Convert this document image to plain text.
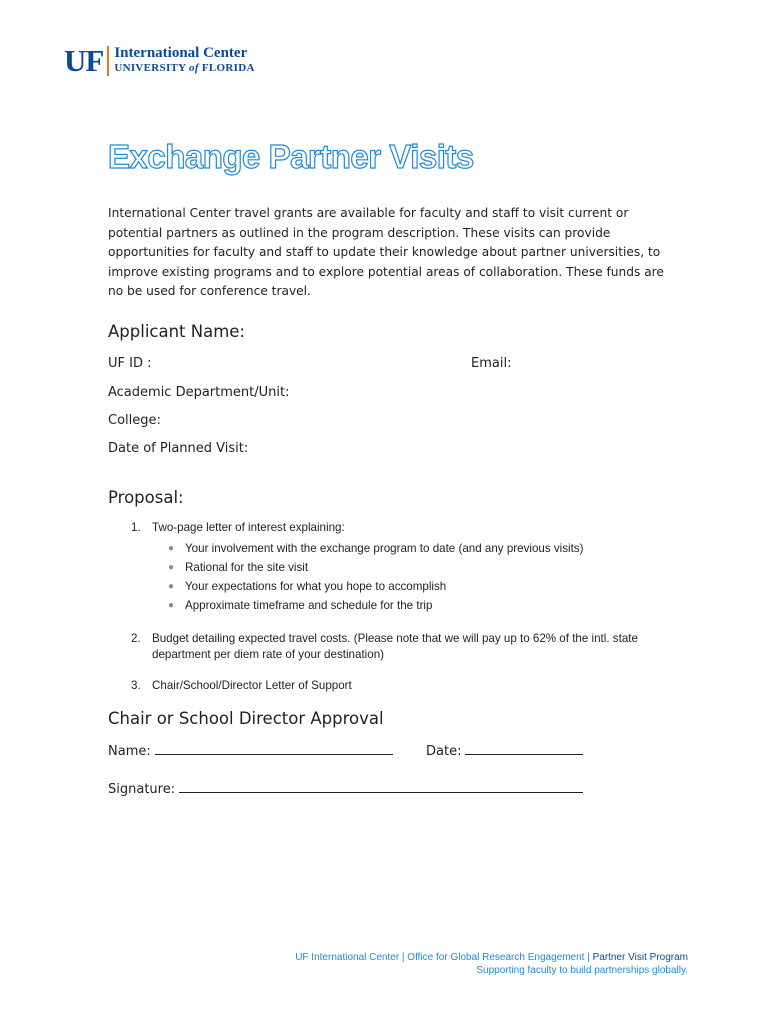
UF International Center
UNIVERSITY of FLORIDA
Exchange Partner Visits

International Center travel grants are available for faculty and staff to visit current or potential partners as outlined in the program description. These visits can provide opportunities for faculty and staff to update their knowledge about partner universities, to improve existing programs and to explore potential areas of collaboration. These funds are no be used for conference travel.

Applicant Name:
UF ID :	Email:
Academic Department/Unit:
College:
Date of Planned Visit:
Proposal:
1. Two-page letter of interest explaining:
● Your involvement with the exchange program to date (and any previous visits)
● Rational for the site visit
● Your expectations for what you hope to accomplish
● Approximate timeframe and schedule for the trip
2. Budget detailing expected travel costs. (Please note that we will pay up to 62% of the intl. state department per diem rate of your destination)
3. Chair/School/Director Letter of Support
Chair or School Director Approval
Name:	Date:
Signature:
UF International Center | Office for Global Research Engagement | Partner Visit Program
Supporting faculty to build partnerships globally.
